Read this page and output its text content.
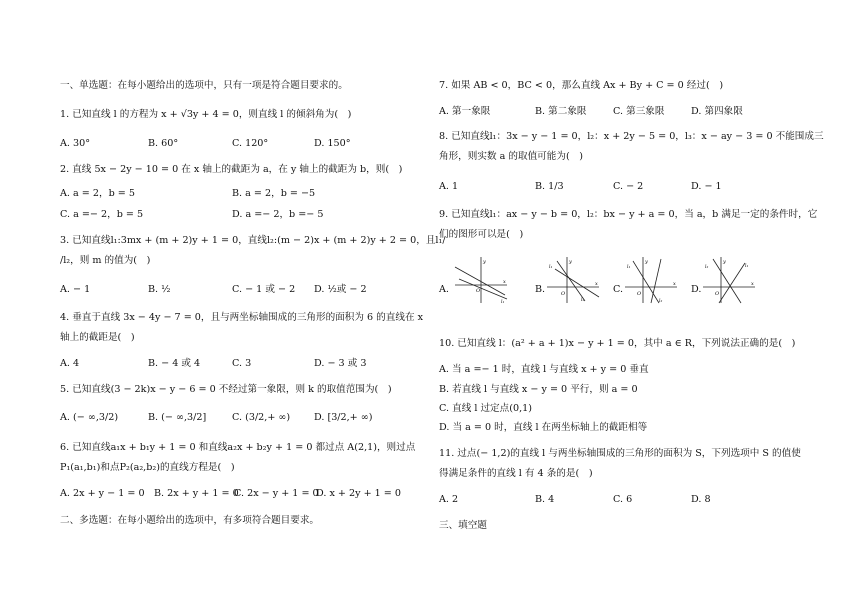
一、单选题：在每小题给出的选项中，只有一项是符合题目要求的。
1. 已知直线 l 的方程为 x + √3y + 4 = 0，则直线 l 的倾斜角为(　)
A. 30°	B. 60°	C. 120°	D. 150°
2. 直线 5x − 2y − 10 = 0 在 x 轴上的截距为 a，在 y 轴上的截距为 b，则(　)
A. a = 2，b = 5	B. a = 2，b = −5
C. a =− 2，b = 5	D. a =− 2，b =− 5
3. 已知直线l₁:3mx + (m + 2)y + 1 = 0，直线l₂:(m − 2)x + (m + 2)y + 2 = 0，且l₁/
/l₂，则 m 的值为(　)
A. − 1	B. ½	C. − 1 或 − 2 D. ½或 − 2
4. 垂直于直线 3x − 4y − 7 = 0，且与两坐标轴围成的三角形的面积为 6 的直线在 x
轴上的截距是(　)
A. 4	B. − 4 或 4	C. 3	D. − 3 或 3
5. 已知直线(3 − 2k)x − y − 6 = 0 不经过第一象限，则 k 的取值范围为(　)
A. (− ∞,3/2)	B. (− ∞,3/2]	C. (3/2,+ ∞) D. [3/2,+ ∞)
6. 已知直线a₁x + b₁y + 1 = 0 和直线a₂x + b₂y + 1 = 0 都过点 A(2,1)，则过点
P₁(a₁,b₁)和点P₂(a₂,b₂)的直线方程是(　)
A. 2x + y − 1 = 0 B. 2x + y + 1 = 0
C. 2x − y + 1 = 0
D. x + 2y + 1 = 0
二、多选题：在每小题给出的选项中，有多项符合题目要求。
7. 如果 AB < 0，BC < 0，那么直线 Ax + By + C = 0 经过(　)
A. 第一象限	B. 第二象限	C. 第三象限	D. 第四象限
8. 已知直线l₁：3x − y − 1 = 0，l₂：x + 2y − 5 = 0，l₃：x − ay − 3 = 0 不能围成三
角形，则实数 a 的取值可能为(　)
A. 1	B. 1/3	C. − 2	D. − 1
9. 已知直线l₁：ax − y − b = 0，l₂：bx − y + a = 0，当 a，b 满足一定的条件时，它
们的图形可以是(　)
A.	B.	C.	D.
y
x
O
l₁
y
x
O
l₁
l₂
y
x
O
l₁
l₂
y
x
O
l₁
l₂
10. 已知直线 l：(a² + a + 1)x − y + 1 = 0，其中 a ∈ R，下列说法正确的是(　)
A. 当 a =− 1 时，直线 l 与直线 x + y = 0 垂直
B. 若直线 l 与直线 x − y = 0 平行，则 a = 0
C. 直线 l 过定点(0,1)
D. 当 a = 0 时，直线 l 在两坐标轴上的截距相等
11. 过点(− 1,2)的直线 l 与两坐标轴围成的三角形的面积为 S，下列选项中 S 的值使
得满足条件的直线 l 有 4 条的是(　)
A. 2	B. 4	C. 6	D. 8
三、填空题
